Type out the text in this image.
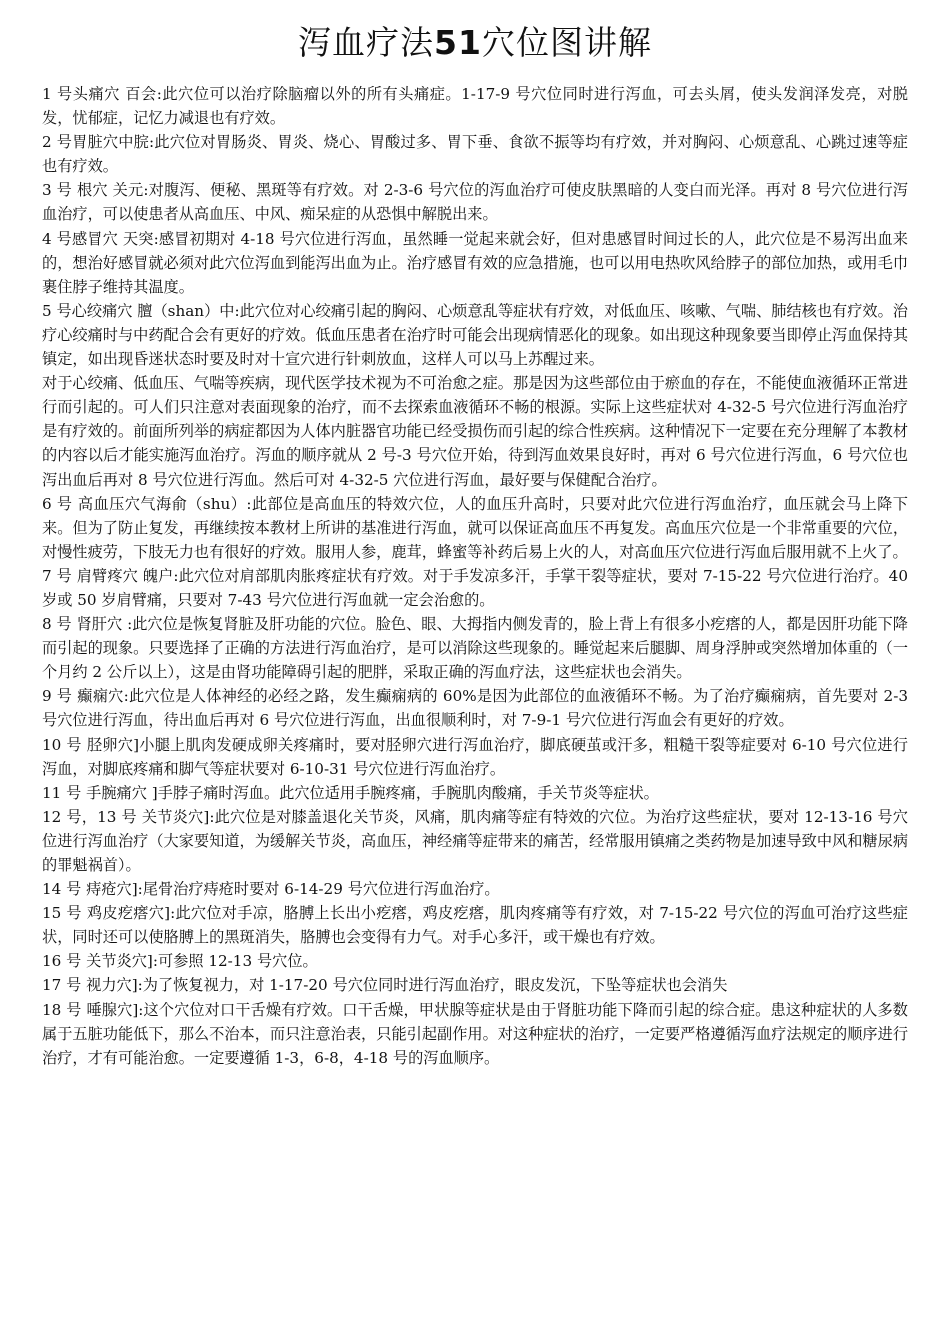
泻血疗法51穴位图讲解

1 号头痛穴 百会:此穴位可以治疗除脑瘤以外的所有头痛症。1-17-9 号穴位同时进行泻血，可去头屑，使头发润泽发亮，对脱发，忧郁症，记忆力减退也有疗效。

2 号胃脏穴中脘:此穴位对胃肠炎、胃炎、烧心、胃酸过多、胃下垂、食欲不振等均有疗效，并对胸闷、心烦意乱、心跳过速等症也有疗效。

3 号 根穴 关元:对腹泻、便秘、黑斑等有疗效。对 2-3-6 号穴位的泻血治疗可使皮肤黑暗的人变白而光泽。再对 8 号穴位进行泻血治疗，可以使患者从高血压、中风、痴呆症的从恐惧中解脱出来。

4 号感冒穴 天突:感冒初期对 4-18 号穴位进行泻血，虽然睡一觉起来就会好，但对患感冒时间过长的人，此穴位是不易泻出血来的，想治好感冒就必须对此穴位泻血到能泻出血为止。治疗感冒有效的应急措施，也可以用电热吹风给脖子的部位加热，或用毛巾裹住脖子维持其温度。

5 号心绞痛穴 膻（shan）中:此穴位对心绞痛引起的胸闷、心烦意乱等症状有疗效，对低血压、咳嗽、气喘、肺结核也有疗效。治疗心绞痛时与中药配合会有更好的疗效。低血压患者在治疗时可能会出现病情恶化的现象。如出现这种现象要当即停止泻血保持其镇定，如出现昏迷状态时要及时对十宣穴进行针刺放血，这样人可以马上苏醒过来。

对于心绞痛、低血压、气喘等疾病，现代医学技术视为不可治愈之症。那是因为这些部位由于瘀血的存在，不能使血液循环正常进行而引起的。可人们只注意对表面现象的治疗，而不去探索血液循环不畅的根源。实际上这些症状对 4-32-5 号穴位进行泻血治疗是有疗效的。前面所列举的病症都因为人体内脏器官功能已经受损伤而引起的综合性疾病。这种情况下一定要在充分理解了本教材的内容以后才能实施泻血治疗。泻血的顺序就从 2 号-3 号穴位开始，待到泻血效果良好时，再对 6 号穴位进行泻血，6 号穴位也泻出血后再对 8 号穴位进行泻血。然后可对 4-32-5 穴位进行泻血，最好要与保健配合治疗。

6 号 高血压穴气海俞（shu）:此部位是高血压的特效穴位，人的血压升高时，只要对此穴位进行泻血治疗，血压就会马上降下来。但为了防止复发，再继续按本教材上所讲的基准进行泻血，就可以保证高血压不再复发。高血压穴位是一个非常重要的穴位，对慢性疲劳，下肢无力也有很好的疗效。服用人参，鹿茸，蜂蜜等补药后易上火的人，对高血压穴位进行泻血后服用就不上火了。

7 号 肩臂疼穴 魄户:此穴位对肩部肌肉胀疼症状有疗效。对于手发凉多汗，手掌干裂等症状，要对 7-15-22 号穴位进行治疗。40 岁或 50 岁肩臂痛，只要对 7-43 号穴位进行泻血就一定会治愈的。

8 号 肾肝穴 :此穴位是恢复肾脏及肝功能的穴位。脸色、眼、大拇指内侧发青的，脸上背上有很多小疙瘩的人，都是因肝功能下降而引起的现象。只要选择了正确的方法进行泻血治疗，是可以消除这些现象的。睡觉起来后腿脚、周身浮肿或突然增加体重的（一个月约 2 公斤以上），这是由肾功能障碍引起的肥胖，采取正确的泻血疗法，这些症状也会消失。

9 号 癫痫穴:此穴位是人体神经的必经之路，发生癫痫病的 60%是因为此部位的血液循环不畅。为了治疗癫痫病，首先要对 2-3 号穴位进行泻血，待出血后再对 6 号穴位进行泻血，出血很顺利时，对 7-9-1 号穴位进行泻血会有更好的疗效。

10 号 胫卵穴]小腿上肌肉发硬成卵关疼痛时，要对胫卵穴进行泻血治疗，脚底硬茧或汗多，粗糙干裂等症要对 6-10 号穴位进行泻血，对脚底疼痛和脚气等症状要对 6-10-31 号穴位进行泻血治疗。

11 号 手腕痛穴 ]手脖子痛时泻血。此穴位适用手腕疼痛，手腕肌肉酸痛，手关节炎等症状。

12 号，13 号 关节炎穴]:此穴位是对膝盖退化关节炎，风痛，肌肉痛等症有特效的穴位。为治疗这些症状，要对 12-13-16 号穴位进行泻血治疗（大家要知道，为缓解关节炎，高血压，神经痛等症带来的痛苦，经常服用镇痛之类药物是加速导致中风和糖尿病的罪魁祸首）。

14 号 痔疮穴]:尾骨治疗痔疮时要对 6-14-29 号穴位进行泻血治疗。

15 号 鸡皮疙瘩穴]:此穴位对手凉，胳膊上长出小疙瘩，鸡皮疙瘩，肌肉疼痛等有疗效，对 7-15-22 号穴位的泻血可治疗这些症状，同时还可以使胳膊上的黑斑消失，胳膊也会变得有力气。对手心多汗，或干燥也有疗效。

16 号 关节炎穴]:可参照 12-13 号穴位。

17 号 视力穴]:为了恢复视力，对 1-17-20 号穴位同时进行泻血治疗，眼皮发沉，下坠等症状也会消失

18 号 唾腺穴]:这个穴位对口干舌燥有疗效。口干舌燥，甲状腺等症状是由于肾脏功能下降而引起的综合症。患这种症状的人多数属于五脏功能低下，那么不治本，而只注意治表，只能引起副作用。对这种症状的治疗，一定要严格遵循泻血疗法规定的顺序进行治疗，才有可能治愈。一定要遵循 1-3，6-8，4-18 号的泻血顺序。
